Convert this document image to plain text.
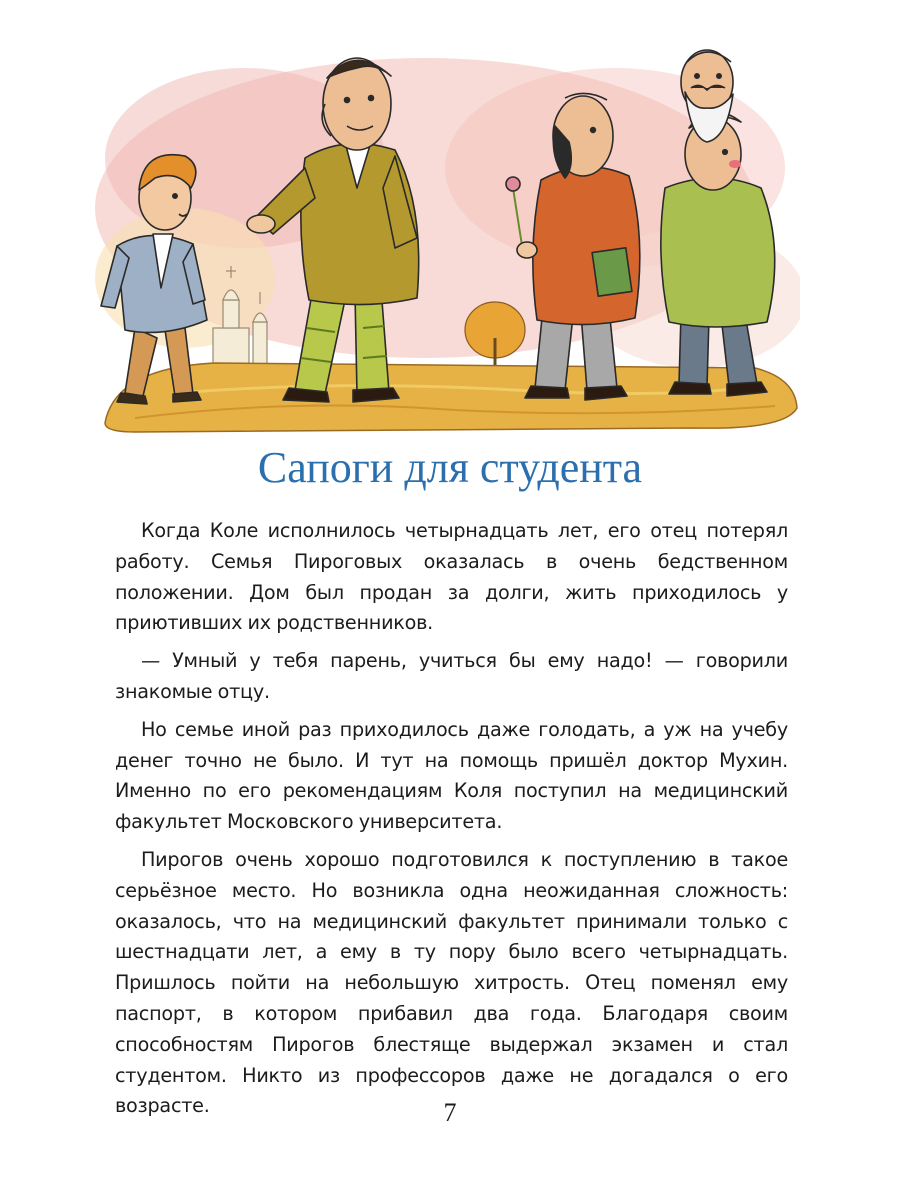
Сапоги для студента

Когда Коле исполнилось четырнадцать лет, его отец потерял работу. Семья Пироговых оказалась в очень бедственном положении. Дом был продан за долги, жить приходилось у приютивших их родственников.

— Умный у тебя парень, учиться бы ему надо! — говорили знакомые отцу.

Но семье иной раз приходилось даже голодать, а уж на учебу денег точно не было. И тут на помощь пришёл доктор Мухин. Именно по его рекомендациям Коля поступил на медицинский факультет Московского университета.

Пирогов очень хорошо подготовился к поступлению в такое серьёзное место. Но возникла одна неожиданная сложность: оказалось, что на медицинский факультет принимали только с шестнадцати лет, а ему в ту пору было всего четырнадцать. Пришлось пойти на небольшую хитрость. Отец поменял ему паспорт, в котором прибавил два года. Благодаря своим способностям Пирогов блестяще выдержал экзамен и стал студентом. Никто из профессоров даже не догадался о его возрасте.	7
